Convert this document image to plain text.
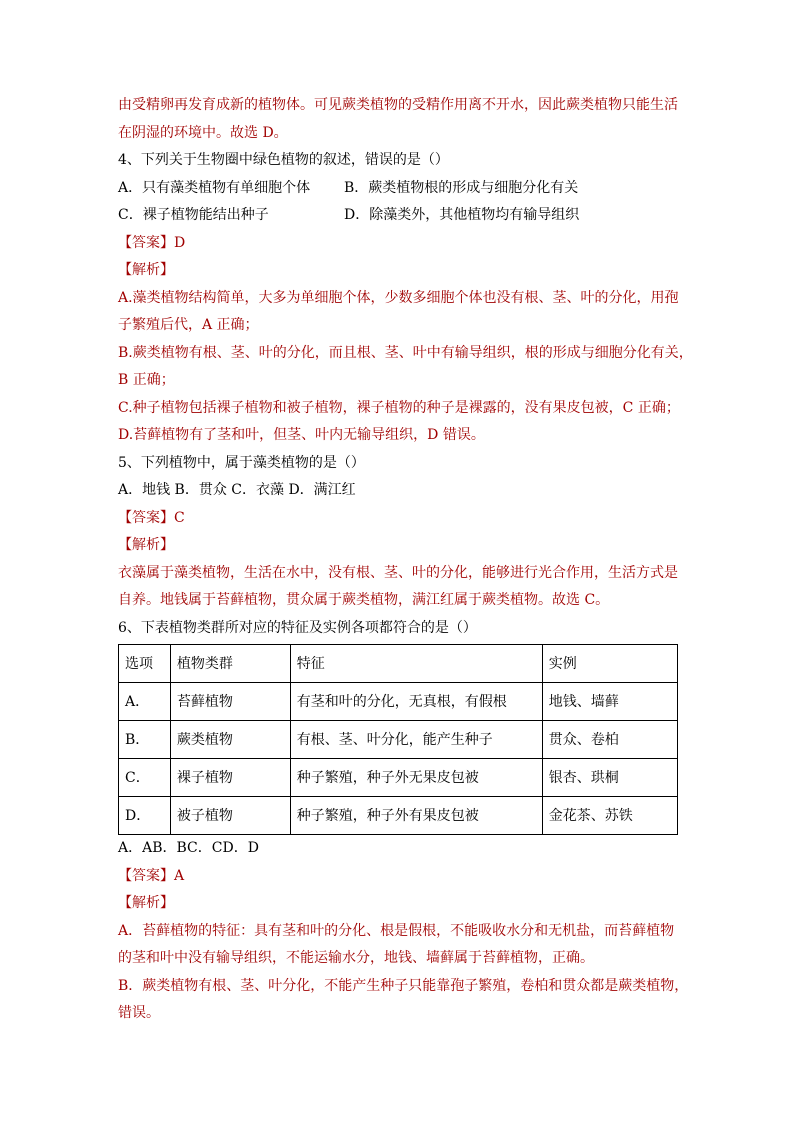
由受精卵再发育成新的植物体。可见蕨类植物的受精作用离不开水，因此蕨类植物只能生活
在阴湿的环境中。故选 D。
4、下列关于生物圈中绿色植物的叙述，错误的是（）
A．只有藻类植物有单细胞个体	B．蕨类植物根的形成与细胞分化有关
C．裸子植物能结出种子	D．除藻类外，其他植物均有输导组织
【答案】D
【解析】
A.藻类植物结构简单，大多为单细胞个体，少数多细胞个体也没有根、茎、叶的分化，用孢
子繁殖后代，A 正确；
B.蕨类植物有根、茎、叶的分化，而且根、茎、叶中有输导组织，根的形成与细胞分化有关，
B 正确；
C.种子植物包括裸子植物和被子植物，裸子植物的种子是裸露的，没有果皮包被，C 正确；
D.苔藓植物有了茎和叶，但茎、叶内无输导组织，D 错误。
5、下列植物中，属于藻类植物的是（）
A．地钱 B．贯众 C．衣藻 D．满江红
【答案】C
【解析】
衣藻属于藻类植物，生活在水中，没有根、茎、叶的分化，能够进行光合作用，生活方式是
自养。地钱属于苔藓植物，贯众属于蕨类植物，满江红属于蕨类植物。故选 C。
6、下表植物类群所对应的特征及实例各项都符合的是（）
选项	植物类群	特征	实例
A．	苔藓植物	有茎和叶的分化，无真根，有假根	地钱、墙藓
B．	蕨类植物	有根、茎、叶分化，能产生种子	贯众、卷柏
C．	裸子植物	种子繁殖，种子外无果皮包被	银杏、珙桐
D．	被子植物	种子繁殖，种子外有果皮包被	金花茶、苏铁
A．AB．BC．CD．D
【答案】A
【解析】
A．苔藓植物的特征：具有茎和叶的分化、根是假根，不能吸收水分和无机盐，而苔藓植物
的茎和叶中没有输导组织，不能运输水分，地钱、墙藓属于苔藓植物，正确。
B．蕨类植物有根、茎、叶分化，不能产生种子只能靠孢子繁殖，卷柏和贯众都是蕨类植物，
错误。
